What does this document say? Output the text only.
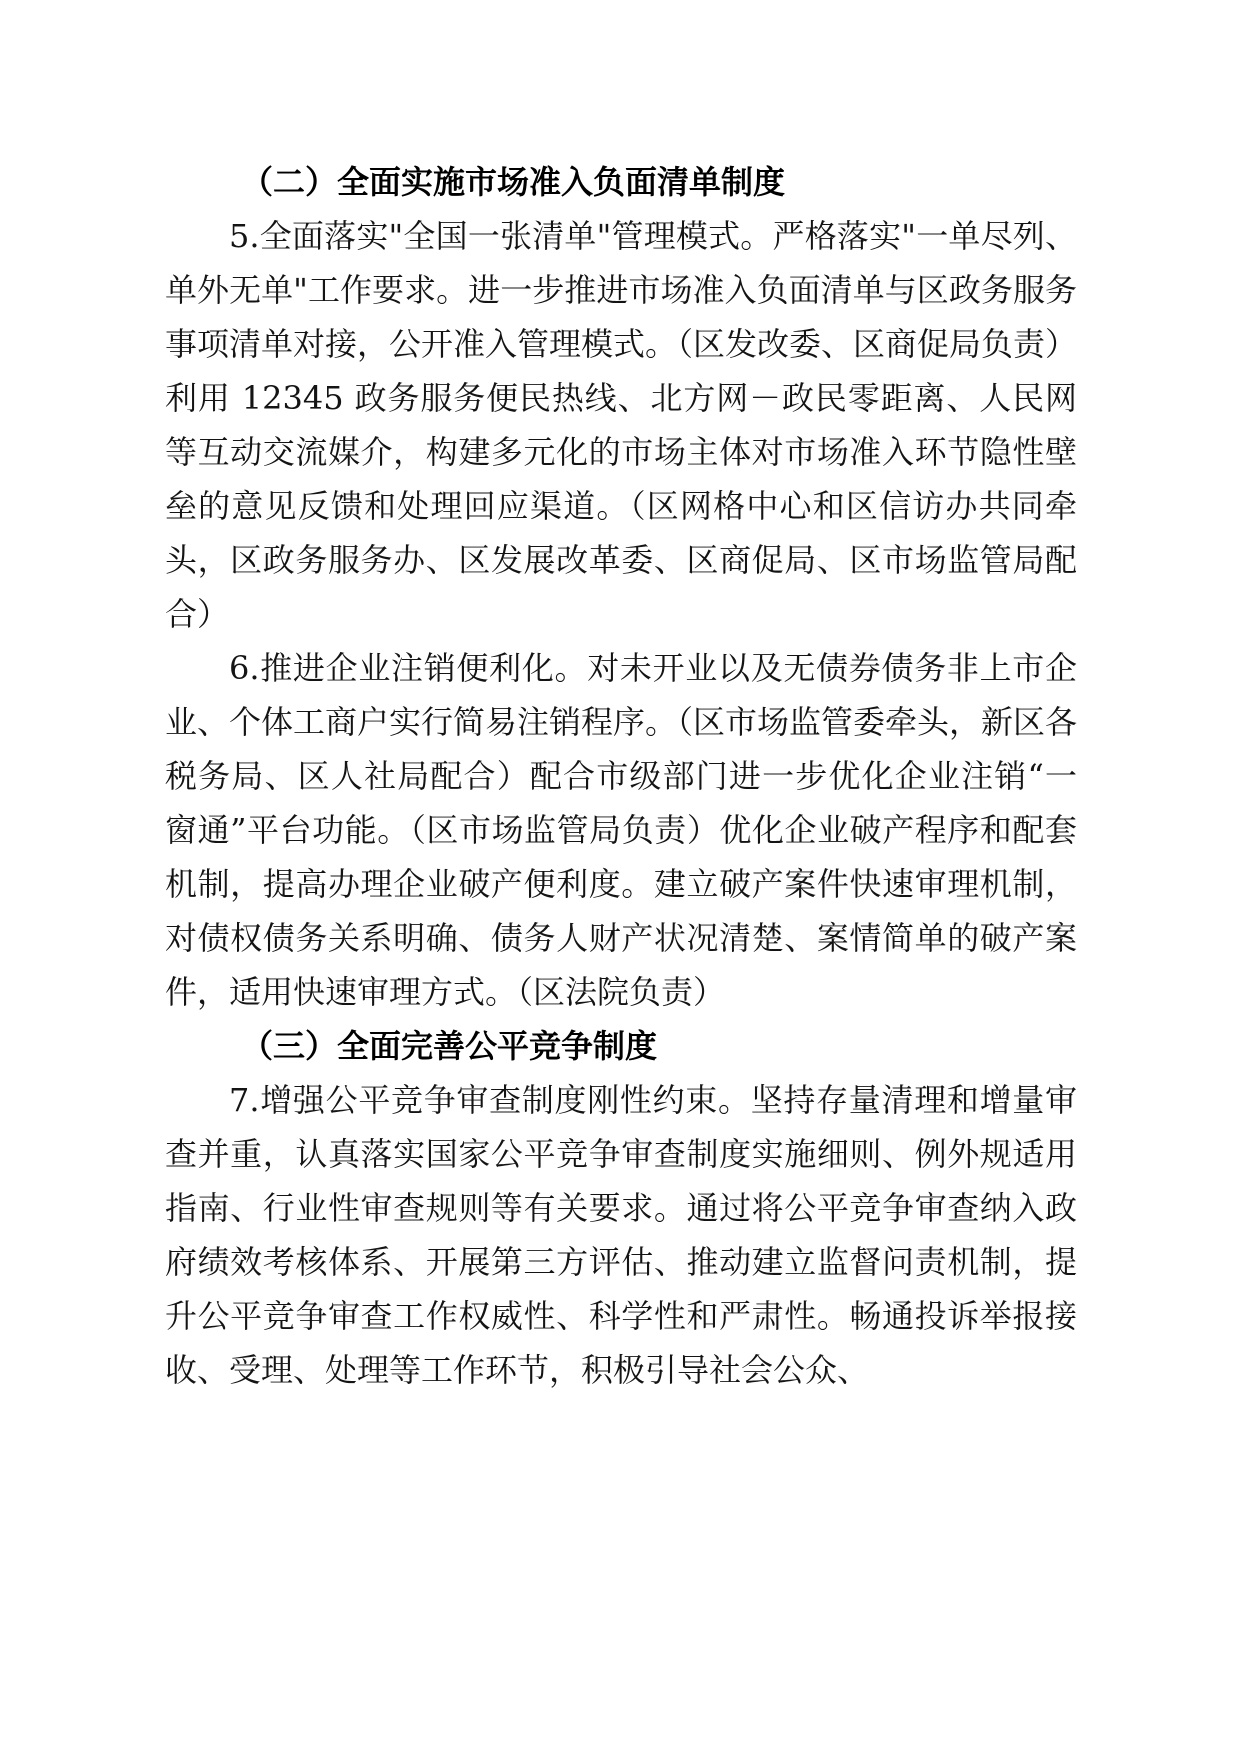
（二）全面实施市场准入负面清单制度

5.全面落实"全国一张清单"管理模式。严格落实"一单尽列、单外无单"工作要求。进一步推进市场准入负面清单与区政务服务事项清单对接，公开准入管理模式。（区发改委、区商促局负责）利用 12345 政务服务便民热线、北方网－政民零距离、人民网等互动交流媒介，构建多元化的市场主体对市场准入环节隐性壁垒的意见反馈和处理回应渠道。（区网格中心和区信访办共同牵头，区政务服务办、区发展改革委、区商促局、区市场监管局配合）

6.推进企业注销便利化。对未开业以及无债券债务非上市企业、个体工商户实行简易注销程序。（区市场监管委牵头，新区各税务局、区人社局配合）配合市级部门进一步优化企业注销“一窗通”平台功能。（区市场监管局负责）优化企业破产程序和配套机制，提高办理企业破产便利度。建立破产案件快速审理机制，对债权债务关系明确、债务人财产状况清楚、案情简单的破产案件，适用快速审理方式。（区法院负责）

（三）全面完善公平竞争制度

7.增强公平竞争审查制度刚性约束。坚持存量清理和增量审查并重，认真落实国家公平竞争审查制度实施细则、例外规适用指南、行业性审查规则等有关要求。通过将公平竞争审查纳入政府绩效考核体系、开展第三方评估、推动建立监督问责机制，提升公平竞争审查工作权威性、科学性和严肃性。畅通投诉举报接收、受理、处理等工作环节，积极引导社会公众、
